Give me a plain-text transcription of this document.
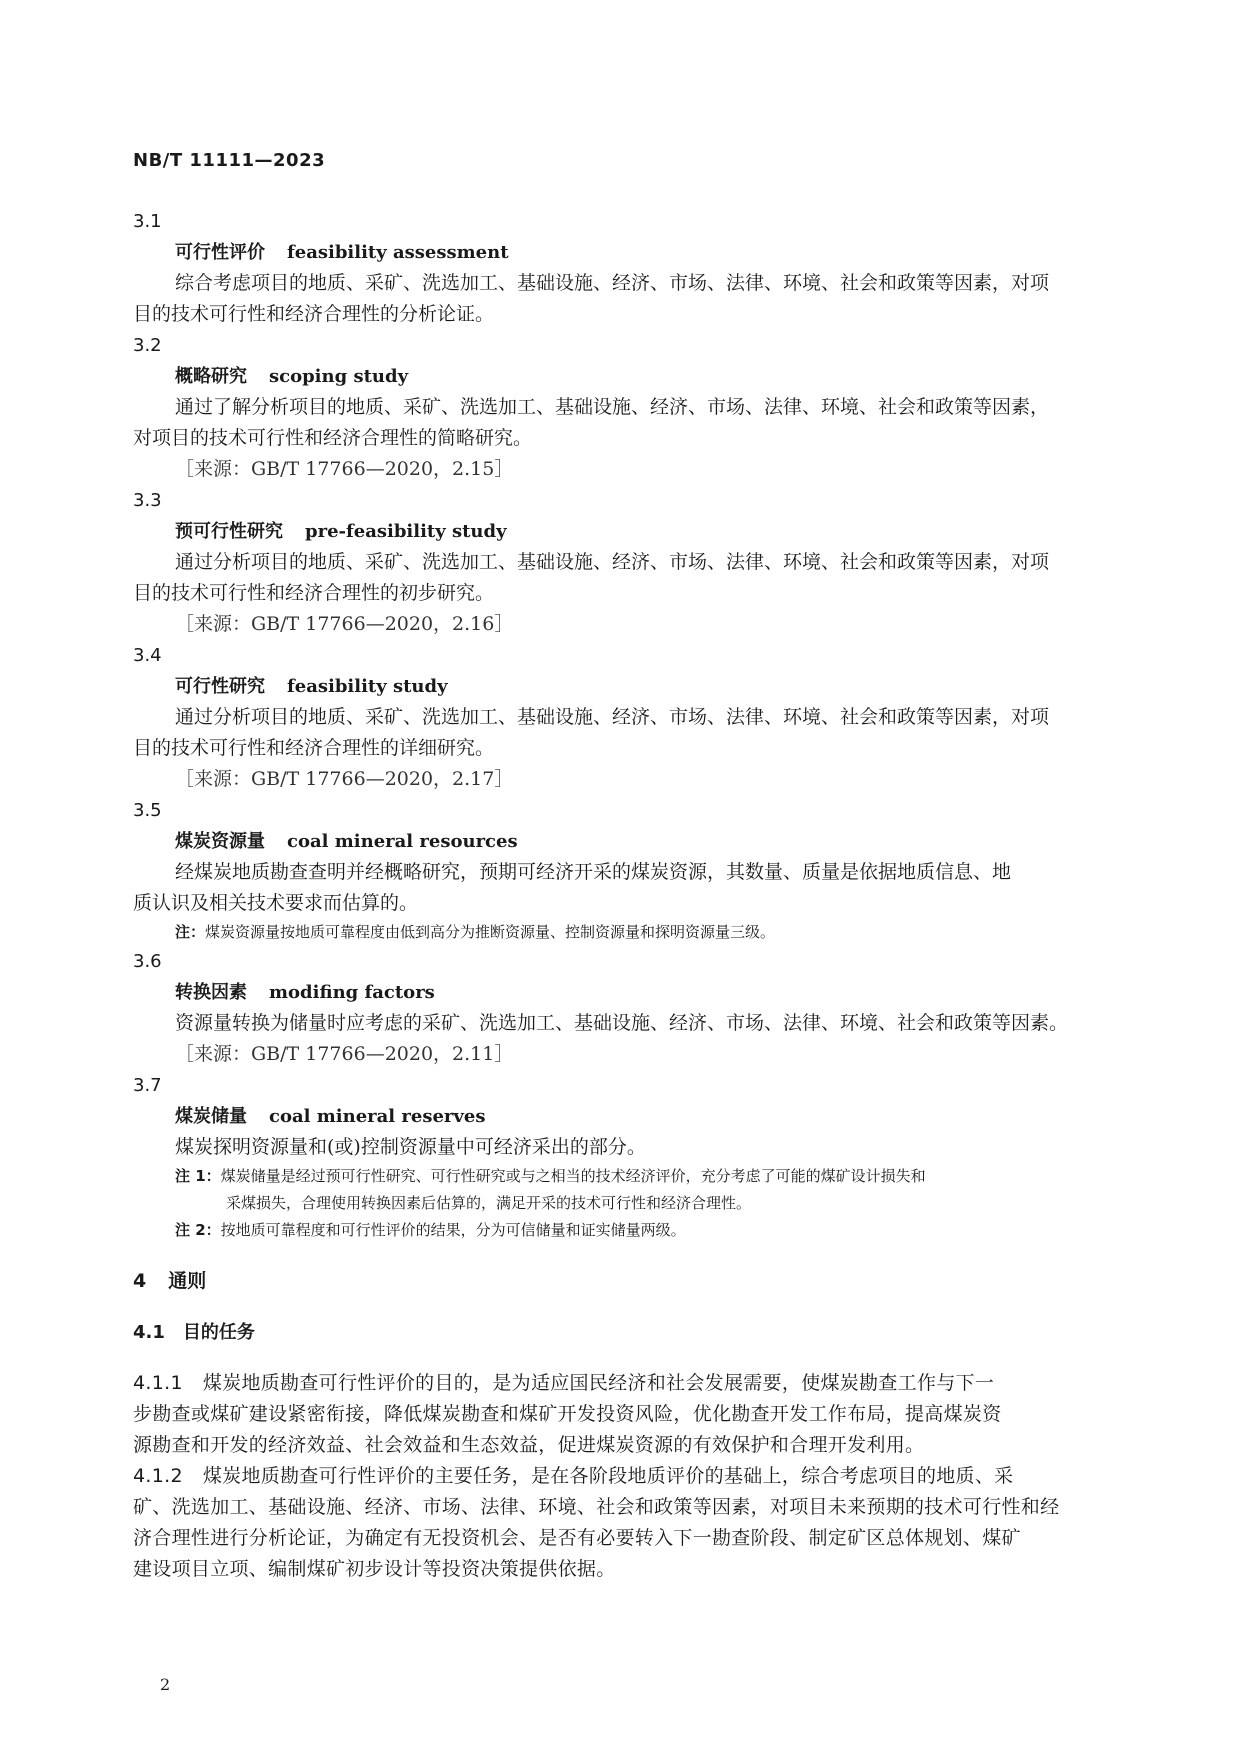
NB/T 11111—2023
3.1
可行性评价 feasibility assessment
综合考虑项目的地质、采矿、洗选加工、基础设施、经济、市场、法律、环境、社会和政策等因素，对项
目的技术可行性和经济合理性的分析论证。
3.2
概略研究 scoping study
通过了解分析项目的地质、采矿、洗选加工、基础设施、经济、市场、法律、环境、社会和政策等因素，
对项目的技术可行性和经济合理性的简略研究。
［来源：GB/T 17766—2020，2.15］
3.3
预可行性研究 pre-feasibility study
通过分析项目的地质、采矿、洗选加工、基础设施、经济、市场、法律、环境、社会和政策等因素，对项
目的技术可行性和经济合理性的初步研究。
［来源：GB/T 17766—2020，2.16］
3.4
可行性研究 feasibility study
通过分析项目的地质、采矿、洗选加工、基础设施、经济、市场、法律、环境、社会和政策等因素，对项
目的技术可行性和经济合理性的详细研究。
［来源：GB/T 17766—2020，2.17］
3.5
煤炭资源量 coal mineral resources
经煤炭地质勘查查明并经概略研究，预期可经济开采的煤炭资源，其数量、质量是依据地质信息、地
质认识及相关技术要求而估算的。
注：煤炭资源量按地质可靠程度由低到高分为推断资源量、控制资源量和探明资源量三级。
3.6
转换因素 modifing factors
资源量转换为储量时应考虑的采矿、洗选加工、基础设施、经济、市场、法律、环境、社会和政策等因素。
［来源：GB/T 17766—2020，2.11］
3.7
煤炭储量 coal mineral reserves
煤炭探明资源量和(或)控制资源量中可经济采出的部分。
注 1：煤炭储量是经过预可行性研究、可行性研究或与之相当的技术经济评价，充分考虑了可能的煤矿设计损失和
采煤损失，合理使用转换因素后估算的，满足开采的技术可行性和经济合理性。
注 2：按地质可靠程度和可行性评价的结果，分为可信储量和证实储量两级。
4 通则
4.1 目的任务
4.1.1 煤炭地质勘查可行性评价的目的，是为适应国民经济和社会发展需要，使煤炭勘查工作与下一
步勘查或煤矿建设紧密衔接，降低煤炭勘查和煤矿开发投资风险，优化勘查开发工作布局，提高煤炭资
源勘查和开发的经济效益、社会效益和生态效益，促进煤炭资源的有效保护和合理开发利用。
4.1.2 煤炭地质勘查可行性评价的主要任务，是在各阶段地质评价的基础上，综合考虑项目的地质、采
矿、洗选加工、基础设施、经济、市场、法律、环境、社会和政策等因素，对项目未来预期的技术可行性和经
济合理性进行分析论证，为确定有无投资机会、是否有必要转入下一勘查阶段、制定矿区总体规划、煤矿
建设项目立项、编制煤矿初步设计等投资决策提供依据。
2
